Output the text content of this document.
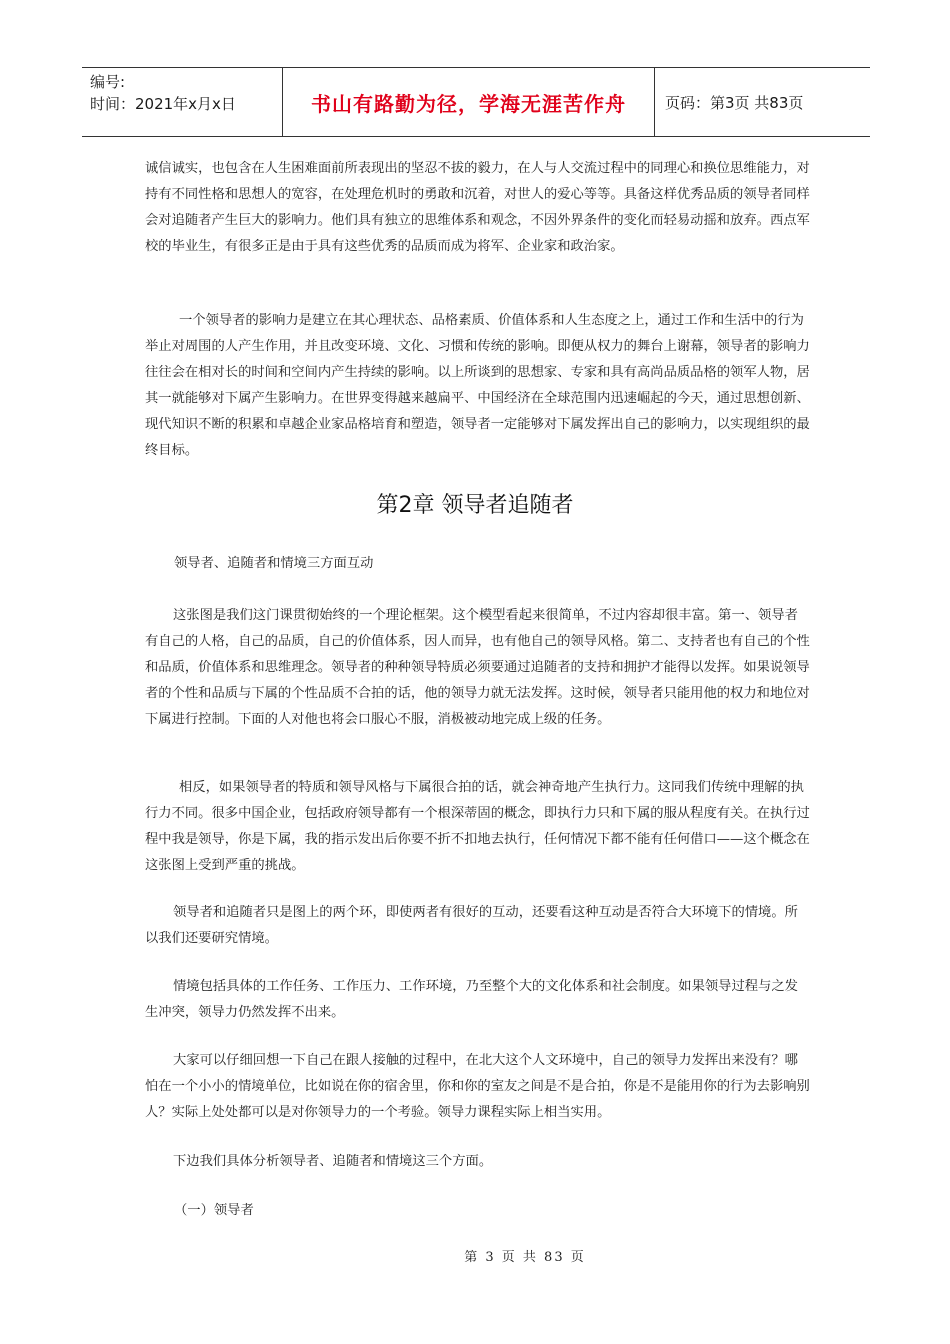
编号:
时间：2021年x月x日	书山有路勤为径，学海无涯苦作舟	页码：第3页 共83页

诚信诚实，也包含在人生困难面前所表现出的坚忍不拔的毅力，在人与人交流过程中的同理心和换位思维能力，对持有不同性格和思想人的宽容，在处理危机时的勇敢和沉着，对世人的爱心等等。具备这样优秀品质的领导者同样会对追随者产生巨大的影响力。他们具有独立的思维体系和观念，不因外界条件的变化而轻易动摇和放弃。西点军校的毕业生，有很多正是由于具有这些优秀的品质而成为将军、企业家和政治家。

一个领导者的影响力是建立在其心理状态、品格素质、价值体系和人生态度之上，通过工作和生活中的行为举止对周围的人产生作用，并且改变环境、文化、习惯和传统的影响。即便从权力的舞台上谢幕，领导者的影响力往往会在相对长的时间和空间内产生持续的影响。以上所谈到的思想家、专家和具有高尚品质品格的领军人物，居其一就能够对下属产生影响力。在世界变得越来越扁平、中国经济在全球范围内迅速崛起的今天，通过思想创新、现代知识不断的积累和卓越企业家品格培育和塑造，领导者一定能够对下属发挥出自己的影响力，以实现组织的最终目标。

第2章 领导者追随者

领导者、追随者和情境三方面互动

这张图是我们这门课贯彻始终的一个理论框架。这个模型看起来很简单，不过内容却很丰富。第一、领导者有自己的人格，自己的品质，自己的价值体系，因人而异，也有他自己的领导风格。第二、支持者也有自己的个性和品质，价值体系和思维理念。领导者的种种领导特质必须要通过追随者的支持和拥护才能得以发挥。如果说领导者的个性和品质与下属的个性品质不合拍的话，他的领导力就无法发挥。这时候，领导者只能用他的权力和地位对下属进行控制。下面的人对他也将会口服心不服，消极被动地完成上级的任务。

相反，如果领导者的特质和领导风格与下属很合拍的话，就会神奇地产生执行力。这同我们传统中理解的执行力不同。很多中国企业，包括政府领导都有一个根深蒂固的概念，即执行力只和下属的服从程度有关。在执行过程中我是领导，你是下属，我的指示发出后你要不折不扣地去执行，任何情况下都不能有任何借口——这个概念在这张图上受到严重的挑战。

领导者和追随者只是图上的两个环，即使两者有很好的互动，还要看这种互动是否符合大环境下的情境。所以我们还要研究情境。

情境包括具体的工作任务、工作压力、工作环境，乃至整个大的文化体系和社会制度。如果领导过程与之发生冲突，领导力仍然发挥不出来。

大家可以仔细回想一下自己在跟人接触的过程中，在北大这个人文环境中，自己的领导力发挥出来没有？哪怕在一个小小的情境单位，比如说在你的宿舍里，你和你的室友之间是不是合拍，你是不是能用你的行为去影响别人？实际上处处都可以是对你领导力的一个考验。领导力课程实际上相当实用。

下边我们具体分析领导者、追随者和情境这三个方面。

（一）领导者

第 3 页 共 83 页
